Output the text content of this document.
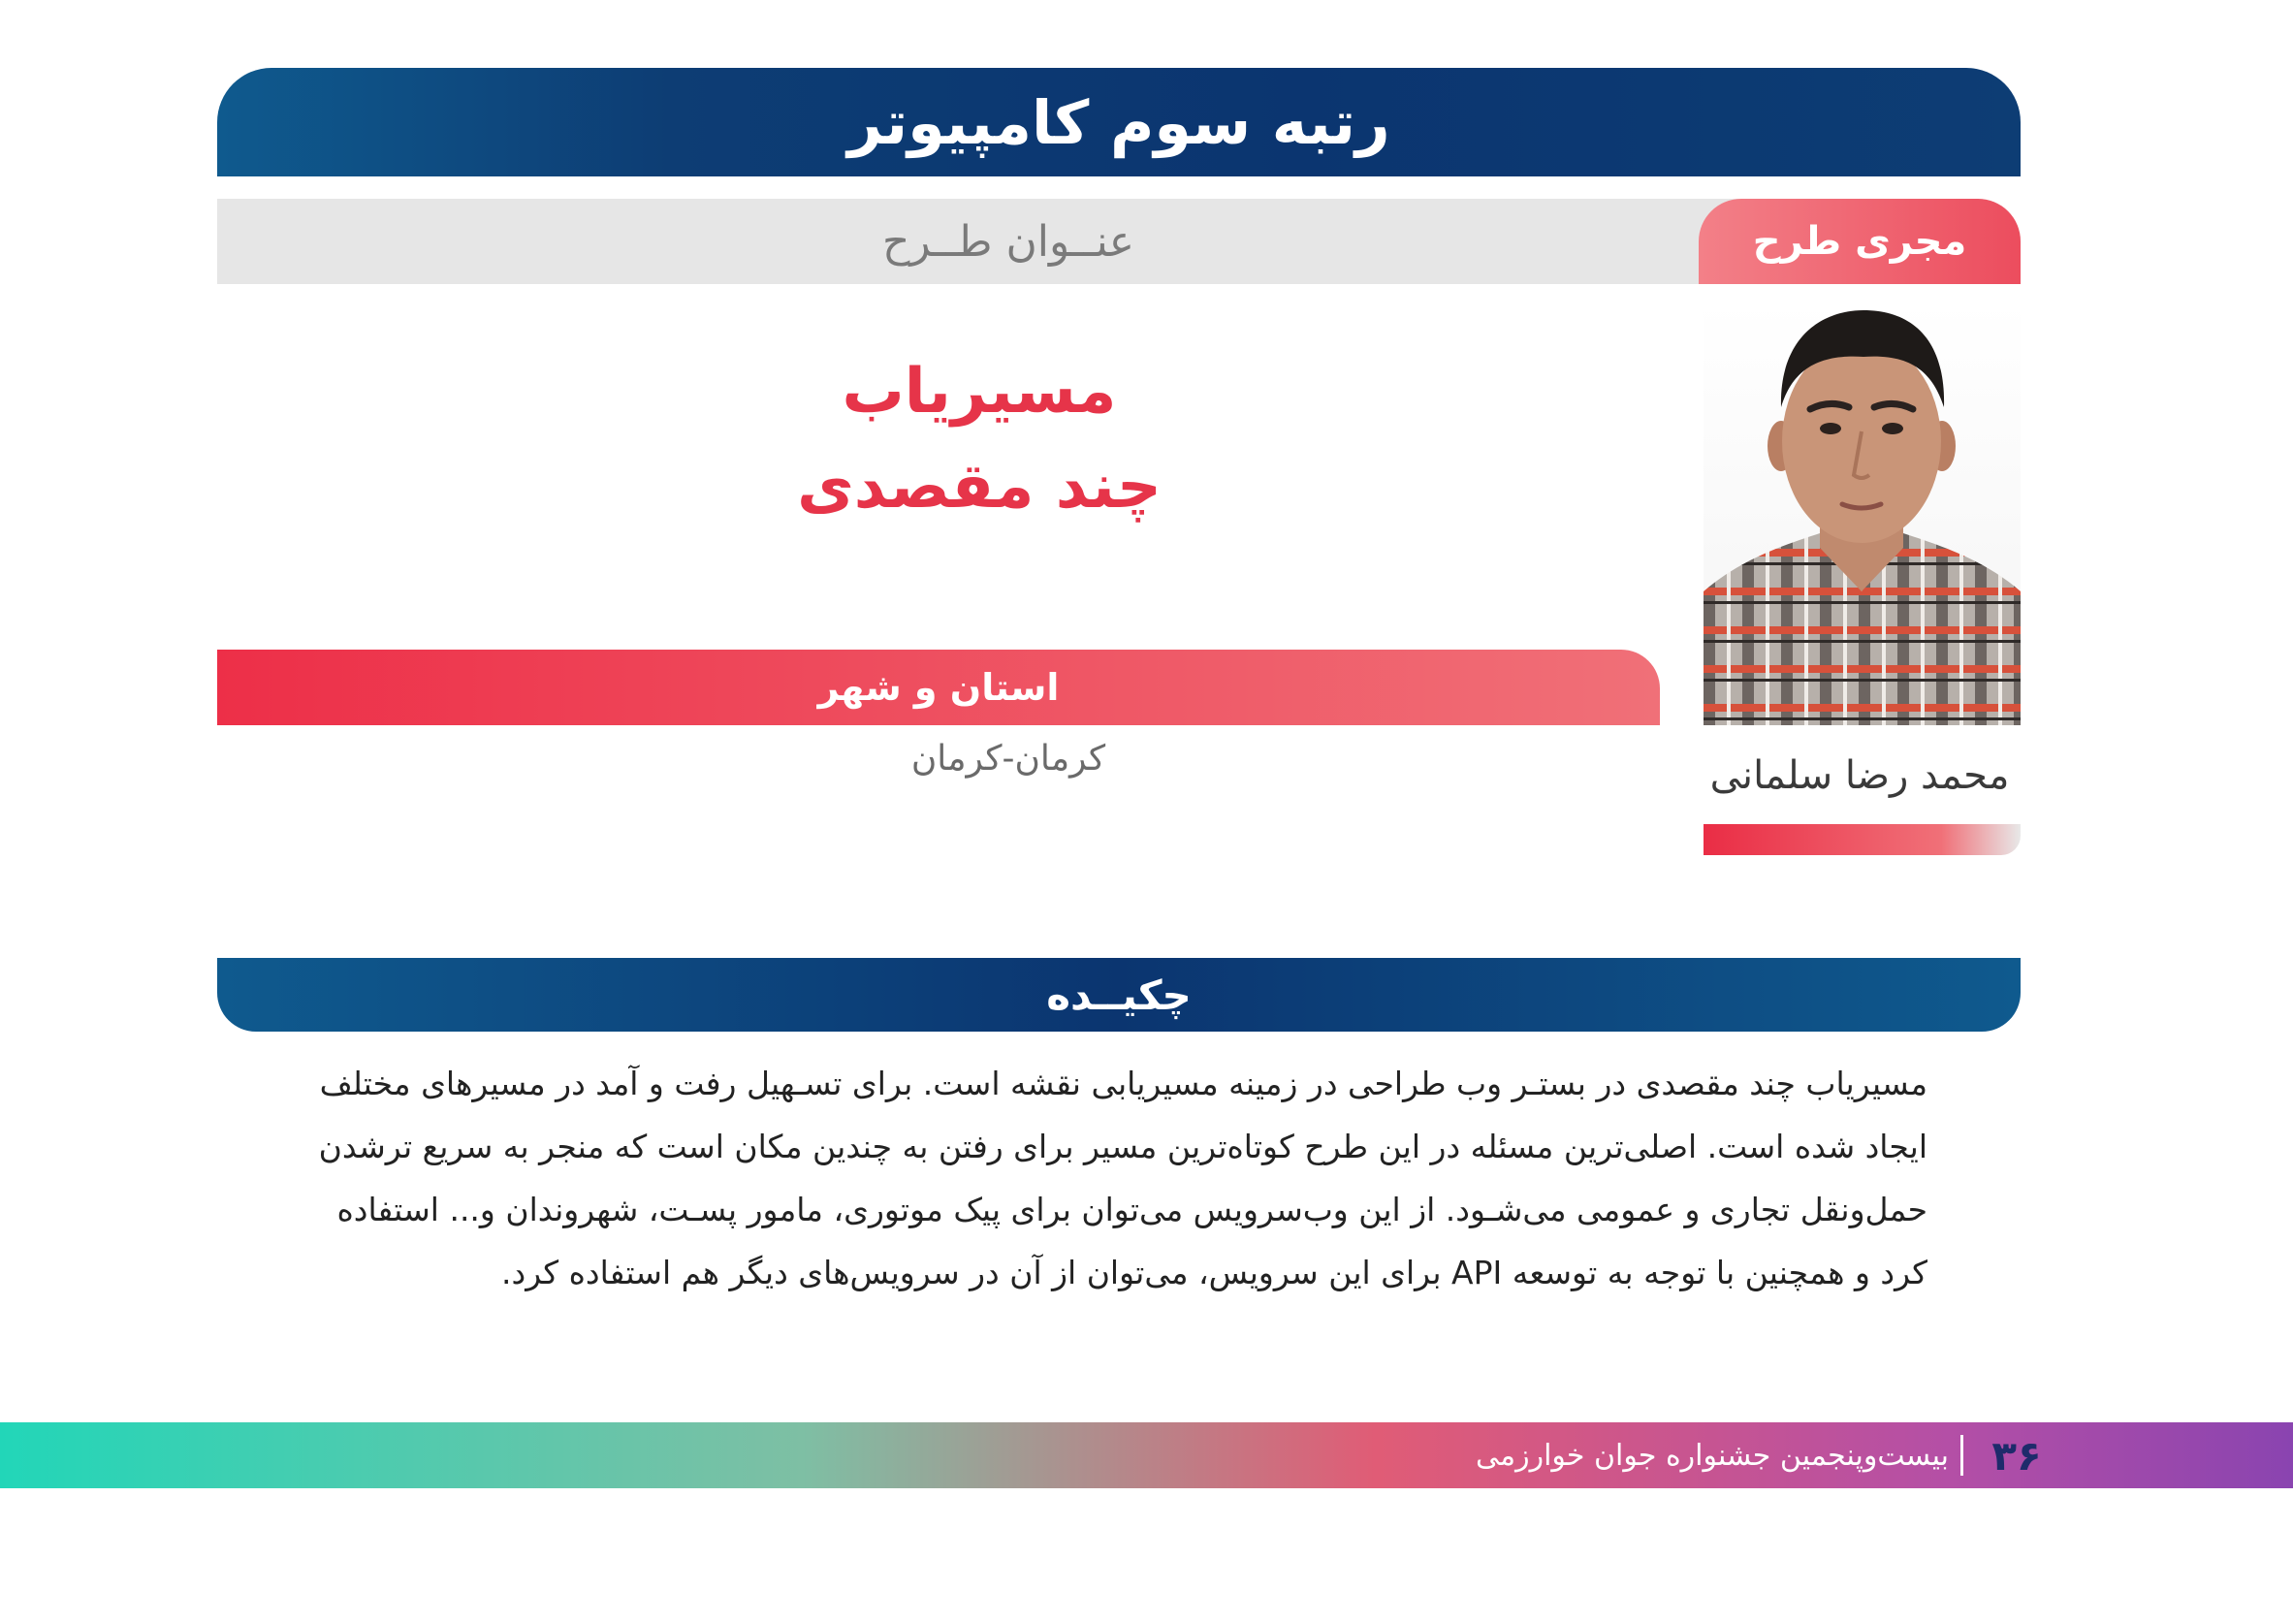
رتبه سوم کامپیوتر
عنــوان طــرح	مجری طرح
محمد رضا سلمانی
مسیریاب
چند مقصدی
استان و شهر
کرمان-کرمان
چکیــده
مسیریاب چند مقصدی در بستـر وب طراحی در زمینه مسیریابی نقشه است. برای تسـهیل رفت و آمد در مسیرهای مختلف
ایجاد شده است. اصلی‌ترین مسئله در این طرح کوتاه‌ترین مسیر برای رفتن به چندین مکان است که منجر به سریع‌ ترشدن
حمل‌ونقل تجاری و عمومی می‌شـود. از این وب‌سرویس می‌توان برای پیک موتوری، مامور پسـت، شهروندان و... استفاده
کرد و همچنین با توجه به توسعه API برای این سرویس، می‌توان از آن در سرویس‌های دیگر هم استفاده کرد.
۳۶
بیست‌وپنجمین جشنواره جوان خوارزمی
